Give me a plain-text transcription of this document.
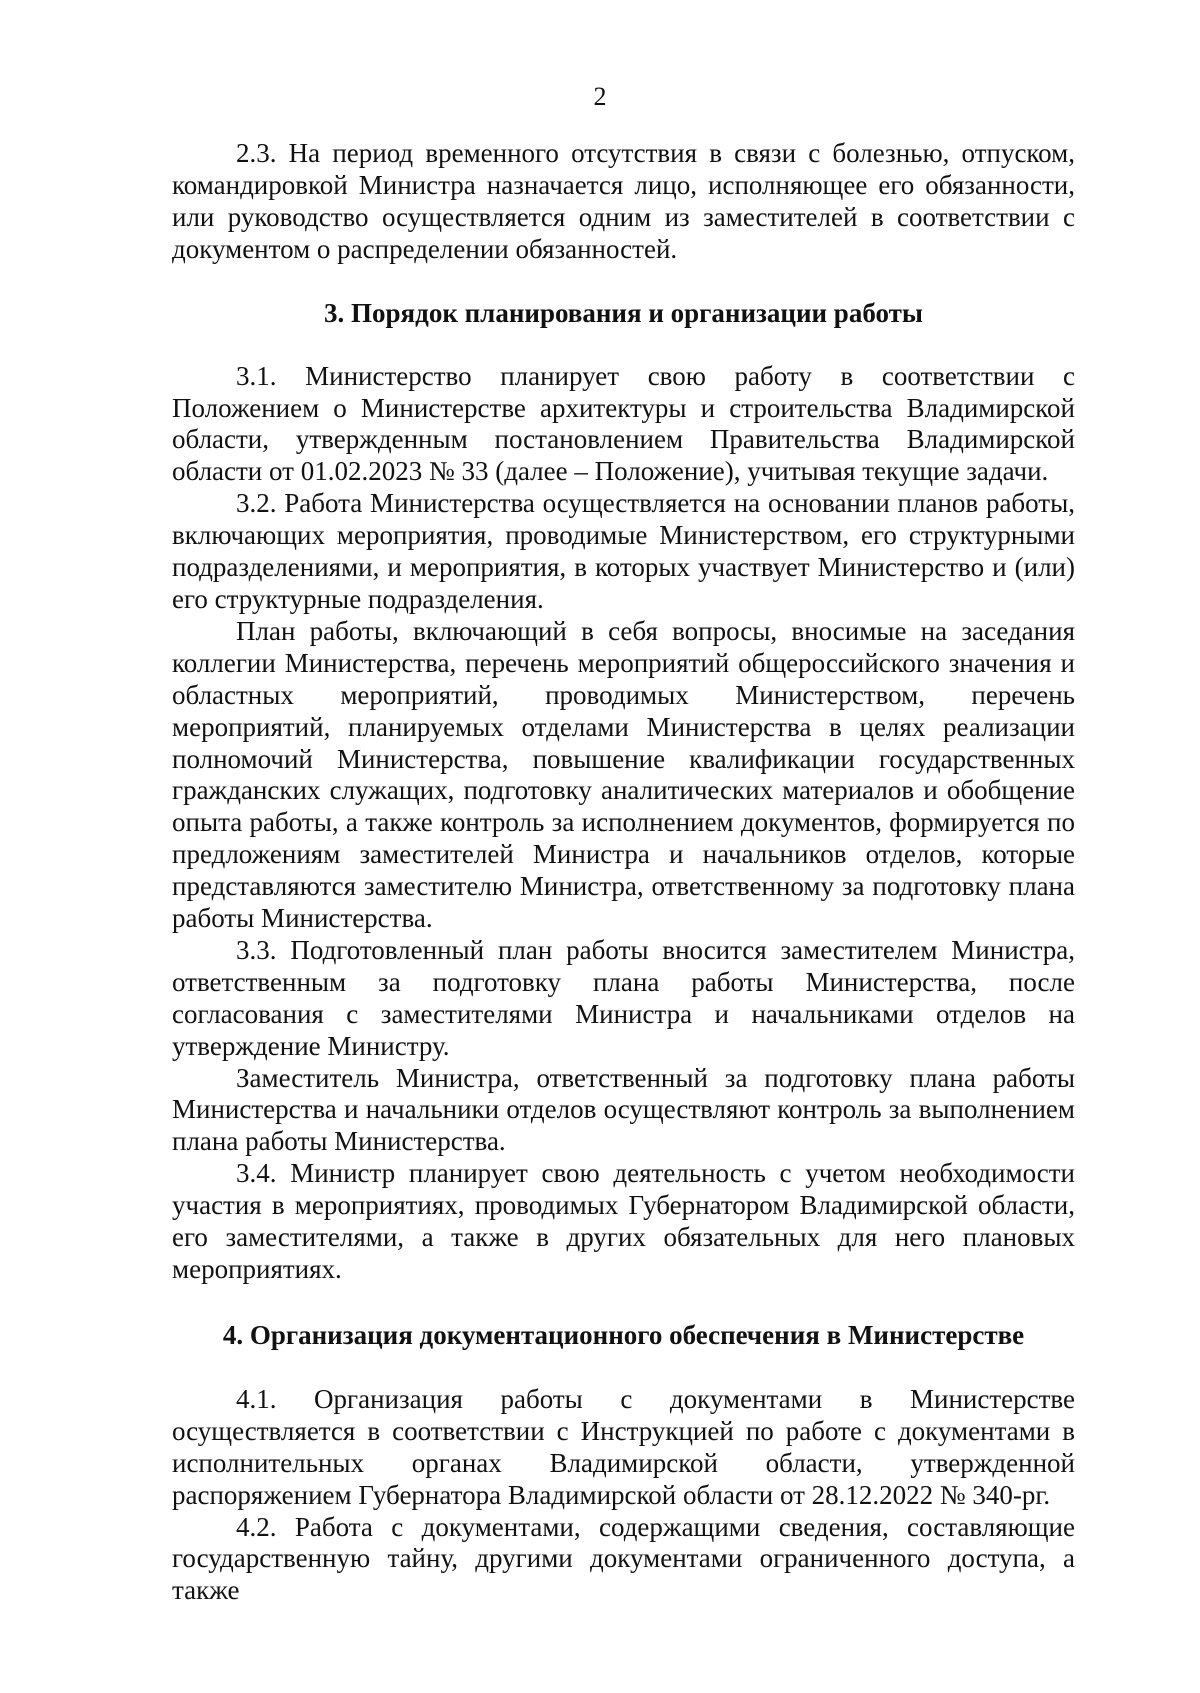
2

2.3. На период временного отсутствия в связи с болезнью, отпуском, командировкой Министра назначается лицо, исполняющее его обязанности, или руководство осуществляется одним из заместителей в соответствии с документом о распределении обязанностей.

3. Порядок планирования и организации работы

3.1. Министерство планирует свою работу в соответствии с Положением о Министерстве архитектуры и строительства Владимирской области, утвержденным постановлением Правительства Владимирской области от 01.02.2023 № 33 (далее – Положение), учитывая текущие задачи.

3.2. Работа Министерства осуществляется на основании планов работы, включающих мероприятия, проводимые Министерством, его структурными подразделениями, и мероприятия, в которых участвует Министерство и (или) его структурные подразделения.

План работы, включающий в себя вопросы, вносимые на заседания коллегии Министерства, перечень мероприятий общероссийского значения и областных мероприятий, проводимых Министерством, перечень мероприятий, планируемых отделами Министерства в целях реализации полномочий Министерства, повышение квалификации государственных гражданских служащих, подготовку аналитических материалов и обобщение опыта работы, а также контроль за исполнением документов, формируется по предложениям заместителей Министра и начальников отделов, которые представляются заместителю Министра, ответственному за подготовку плана работы Министерства.

3.3. Подготовленный план работы вносится заместителем Министра, ответственным за подготовку плана работы Министерства, после согласования с заместителями Министра и начальниками отделов на утверждение Министру.

Заместитель Министра, ответственный за подготовку плана работы Министерства и начальники отделов осуществляют контроль за выполнением плана работы Министерства.

3.4. Министр планирует свою деятельность с учетом необходимости участия в мероприятиях, проводимых Губернатором Владимирской области, его заместителями, а также в других обязательных для него плановых мероприятиях.

4. Организация документационного обеспечения в Министерстве

4.1. Организация работы с документами в Министерстве осуществляется в соответствии с Инструкцией по работе с документами в исполнительных органах Владимирской области, утвержденной распоряжением Губернатора Владимирской области от 28.12.2022 № 340-рг.

4.2. Работа с документами, содержащими сведения, составляющие государственную тайну, другими документами ограниченного доступа, а также
